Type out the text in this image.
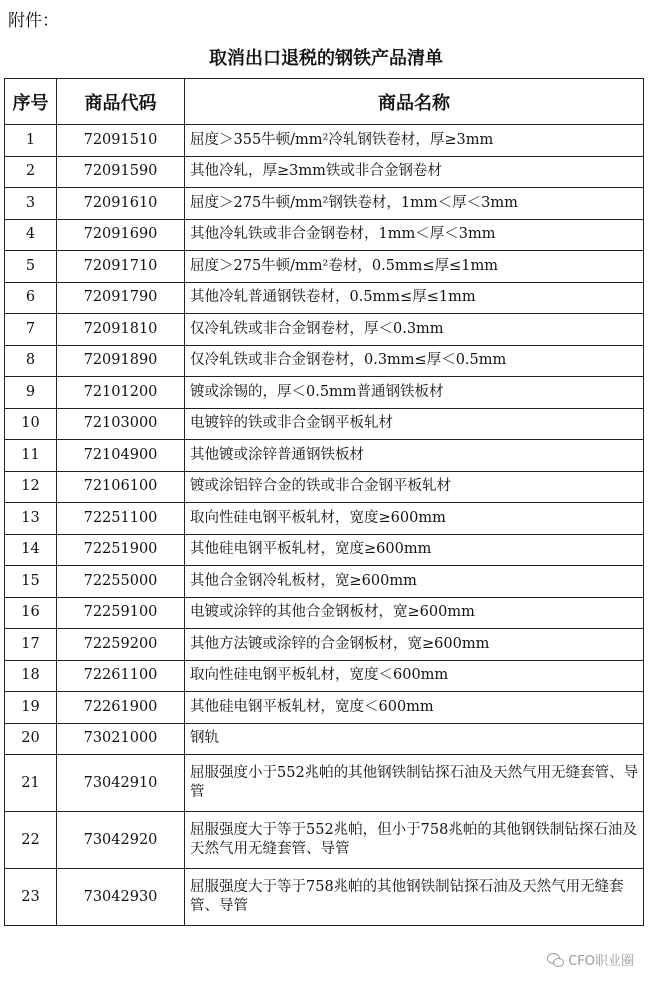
附件：
取消出口退税的钢铁产品清单
序号	商品代码	商品名称
1	72091510	屈度＞355牛顿/mm²冷轧钢铁卷材，厚≥3mm
2	72091590	其他冷轧，厚≥3mm铁或非合金钢卷材
3	72091610	屈度＞275牛顿/mm²钢铁卷材，1mm＜厚＜3mm
4	72091690	其他冷轧铁或非合金钢卷材，1mm＜厚＜3mm
5	72091710	屈度＞275牛顿/mm²卷材，0.5mm≤厚≤1mm
6	72091790	其他冷轧普通钢铁卷材，0.5mm≤厚≤1mm
7	72091810	仅冷轧铁或非合金钢卷材，厚＜0.3mm
8	72091890	仅冷轧铁或非合金钢卷材，0.3mm≤厚＜0.5mm
9	72101200	镀或涂锡的，厚＜0.5mm普通钢铁板材
10	72103000	电镀锌的铁或非合金钢平板轧材
11	72104900	其他镀或涂锌普通钢铁板材
12	72106100	镀或涂铝锌合金的铁或非合金钢平板轧材
13	72251100	取向性硅电钢平板轧材，宽度≥600mm
14	72251900	其他硅电钢平板轧材，宽度≥600mm
15	72255000	其他合金钢冷轧板材，宽≥600mm
16	72259100	电镀或涂锌的其他合金钢板材，宽≥600mm
17	72259200	其他方法镀或涂锌的合金钢板材，宽≥600mm
18	72261100	取向性硅电钢平板轧材，宽度＜600mm
19	72261900	其他硅电钢平板轧材，宽度＜600mm
20	73021000	钢轨
21	73042910	屈服强度小于552兆帕的其他钢铁制钻探石油及天然气用无缝套管、导管
22	73042920	屈服强度大于等于552兆帕，但小于758兆帕的其他钢铁制钻探石油及天然气用无缝套管、导管
23	73042930	屈服强度大于等于758兆帕的其他钢铁制钻探石油及天然气用无缝套管、导管
CFO职业圈
